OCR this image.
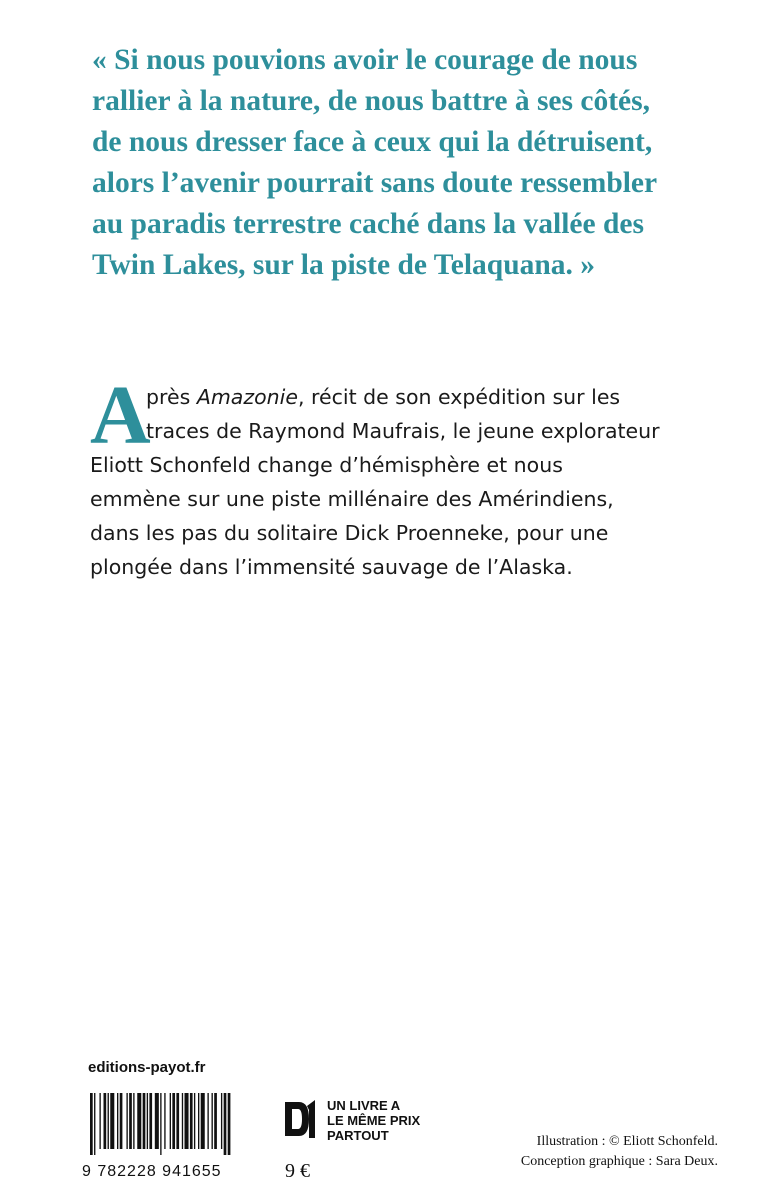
« Si nous pouvions avoir le courage de nous
rallier à la nature, de nous battre à ses côtés,
de nous dresser face à ceux qui la détruisent,
alors l’avenir pourrait sans doute ressembler
au paradis terrestre caché dans la vallée des
Twin Lakes, sur la piste de Telaquana. »
A
près Amazonie, récit de son expédition sur les
traces de Raymond Maufrais, le jeune explorateur
Eliott Schonfeld change d’hémisphère et nous
emmène sur une piste millénaire des Amérindiens,
dans les pas du solitaire Dick Proenneke, pour une
plongée dans l’immensité sauvage de l’Alaska.
editions-payot.fr
9 782228 941655	9 €
UN LIVRE A
LE MÊME PRIX
PARTOUT	Illustration : © Eliott Schonfeld.
Conception graphique : Sara Deux.
